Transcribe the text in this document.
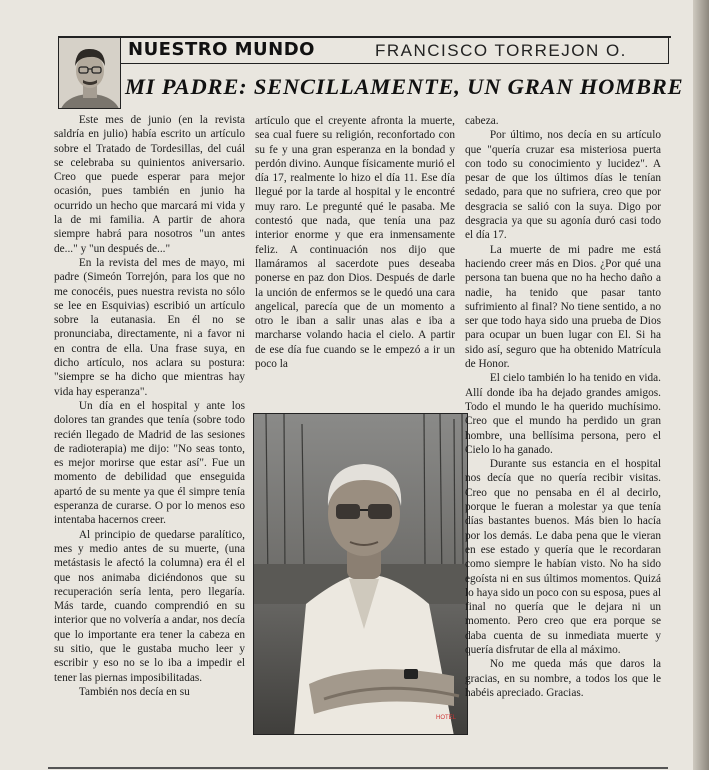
NUESTRO MUNDO	FRANCISCO TORREJON O.
MI PADRE: SENCILLAMENTE, UN GRAN HOMBRE

Este mes de junio (en la revista saldría en julio) había escrito un artículo sobre el Tratado de Tordesillas, del cuál se celebraba su quinientos aniversario. Creo que puede esperar para mejor ocasión, pues también en junio ha ocurrido un hecho que marcará mi vida y la de mi familia. A partir de ahora siempre habrá para nosotros "un antes de..." y "un después de..."

En la revista del mes de mayo, mi padre (Simeón Torrejón, para los que no me conocéis, pues nuestra revista no sólo se lee en Esquivias) escribió un artículo sobre la eutanasia. En él no se pronunciaba, directamente, ni a favor ni en contra de ella. Una frase suya, en dicho artículo, nos aclara su postura: "siempre se ha dicho que mientras hay vida hay esperanza".

Un día en el hospital y ante los dolores tan grandes que tenía (sobre todo recién llegado de Madrid de las sesiones de radioterapia) me dijo: "No seas tonto, es mejor morirse que estar así". Fue un momento de debilidad que enseguida apartó de su mente ya que él simpre tenía esperanza de curarse. O por lo menos eso intentaba hacernos creer.

Al principio de quedarse paralítico, mes y medio antes de su muerte, (una metástasis le afectó la columna) era él el que nos animaba diciéndonos que su recuperación sería lenta, pero llegaría. Más tarde, cuando comprendió en su interior que no volvería a andar, nos decía que lo importante era tener la cabeza en su sitio, que le gustaba mucho leer y escribir y eso no se lo iba a impedir el tener las piernas imposibilitadas.

También nos decía en su

artículo que el creyente afronta la muerte, sea cual fuere su religión, reconfortado con su fe y una gran esperanza en la bondad y perdón divino. Aunque físicamente murió el día 17, realmente lo hizo el día 11. Ese día llegué por la tarde al hospital y le encontré muy raro. Le pregunté qué le pasaba. Me contestó que nada, que tenía una paz interior enorme y que era inmensamente feliz. A continuación nos dijo que llamáramos al sacerdote pues deseaba ponerse en paz don Dios. Después de darle la unción de enfermos se le quedó una cara angelical, parecía que de un momento a otro le iban a salir unas alas e iba a marcharse volando hacia el cielo. A partir de ese día fue cuando se le empezó a ir un poco la

HOTEL

cabeza.

Por último, nos decía en su artículo que "quería cruzar esa misteriosa puerta con todo su conocimiento y lucidez". A pesar de que los últimos días le tenían sedado, para que no sufriera, creo que por desgracia se salió con la suya. Digo por desgracia ya que su agonía duró casi todo el día 17.

La muerte de mi padre me está haciendo creer más en Dios. ¿Por qué una persona tan buena que no ha hecho daño a nadie, ha tenido que pasar tanto sufrimiento al final? No tiene sentido, a no ser que todo haya sido una prueba de Dios para ocupar un buen lugar con El. Si ha sido así, seguro que ha obtenido Matrícula de Honor.

El cielo también lo ha tenido en vida. Allí donde iba ha dejado grandes amigos. Todo el mundo le ha querido muchísimo. Creo que el mundo ha perdido un gran hombre, una bellísima persona, pero el Cielo lo ha ganado.

Durante sus estancia en el hospital nos decía que no quería recibir visitas. Creo que no pensaba en él al decirlo, porque le fueran a molestar ya que tenía días bastantes buenos. Más bien lo hacía por los demás. Le daba pena que le vieran en ese estado y quería que le recordaran como siempre le habían visto. No ha sido egoísta ni en sus últimos momentos. Quizá lo haya sido un poco con su esposa, pues al final no quería que le dejara ni un momento. Pero creo que era porque se daba cuenta de su inmediata muerte y quería disfrutar de ella al máximo.

No me queda más que daros la gracias, en su nombre, a todos los que le habéis apreciado. Gracias.
